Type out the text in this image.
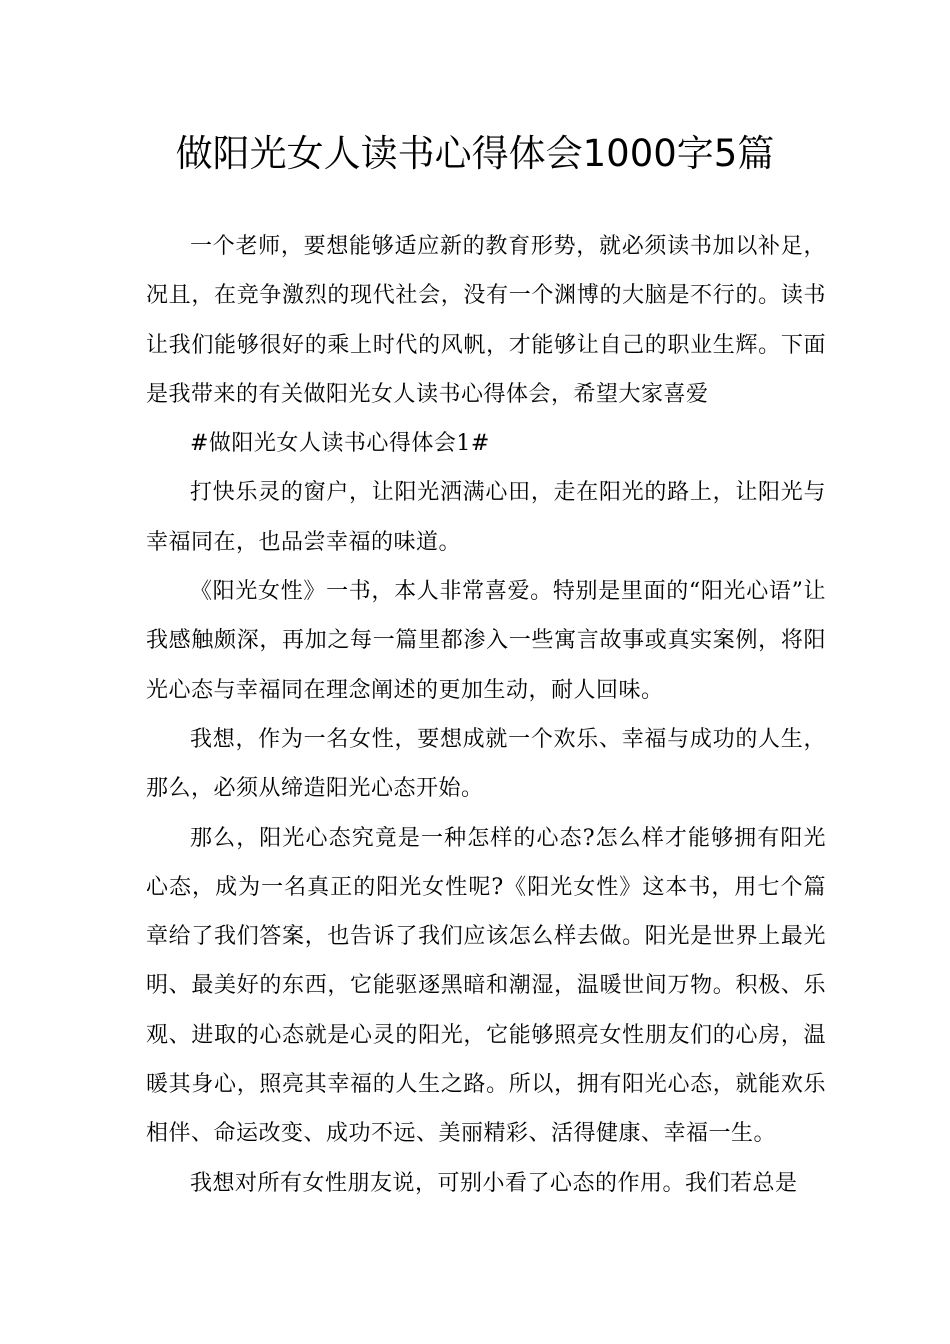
做阳光女人读书心得体会1000字5篇

一个老师，要想能够适应新的教育形势，就必须读书加以补足，况且，在竞争激烈的现代社会，没有一个渊博的大脑是不行的。读书让我们能够很好的乘上时代的风帆，才能够让自己的职业生辉。下面是我带来的有关做阳光女人读书心得体会，希望大家喜爱

#做阳光女人读书心得体会1#

打快乐灵的窗户，让阳光洒满心田，走在阳光的路上，让阳光与幸福同在，也品尝幸福的味道。

《阳光女性》一书，本人非常喜爱。特别是里面的“阳光心语”让我感触颇深，再加之每一篇里都渗入一些寓言故事或真实案例，将阳光心态与幸福同在理念阐述的更加生动，耐人回味。

我想，作为一名女性，要想成就一个欢乐、幸福与成功的人生，那么，必须从缔造阳光心态开始。

那么，阳光心态究竟是一种怎样的心态?怎么样才能够拥有阳光心态，成为一名真正的阳光女性呢?《阳光女性》这本书，用七个篇章给了我们答案，也告诉了我们应该怎么样去做。阳光是世界上最光明、最美好的东西，它能驱逐黑暗和潮湿，温暖世间万物。积极、乐观、进取的心态就是心灵的阳光，它能够照亮女性朋友们的心房，温暖其身心，照亮其幸福的人生之路。所以，拥有阳光心态，就能欢乐相伴、命运改变、成功不远、美丽精彩、活得健康、幸福一生。

我想对所有女性朋友说，可别小看了心态的作用。我们若总是
